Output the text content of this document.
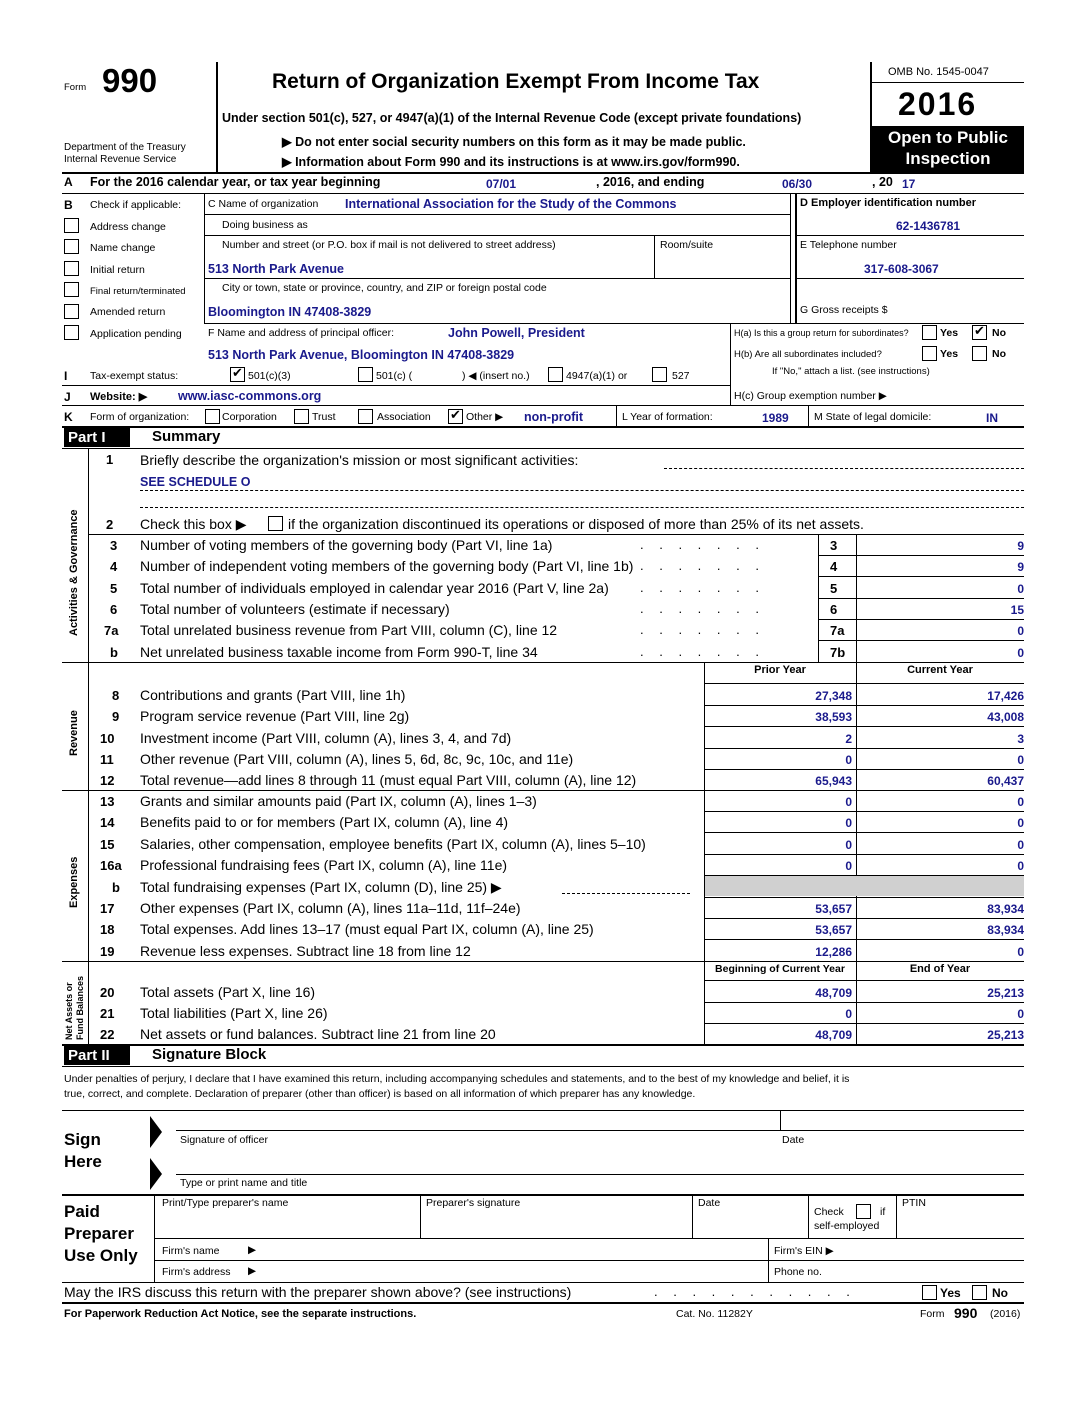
Form 990
Department of the Treasury
Internal Revenue Service
Return of Organization Exempt From Income Tax
Under section 501(c), 527, or 4947(a)(1) of the Internal Revenue Code (except private foundations)
▶ Do not enter social security numbers on this form as it may be made public.
▶ Information about Form 990 and its instructions is at www.irs.gov/form990.
OMB No. 1545-0047
2016
Open to Public
Inspection
A For the 2016 calendar year, or tax year beginning	07/01	, 2016, and ending	06/30	, 20 17
B Check if applicable:
Address change
Name change
Initial return
Final return/terminated
Amended return
Application pending
C Name of organization International Association for the Study of the Commons
Doing business as
Number and street (or P.O. box if mail is not delivered to street address)	Room/suite
513 North Park Avenue
City or town, state or province, country, and ZIP or foreign postal code
Bloomington IN 47408-3829
D Employer identification number
62-1436781
E Telephone number
317-608-3067
G Gross receipts $
F Name and address of principal officer:	John Powell, President
513 North Park Avenue, Bloomington IN 47408-3829
H(a) Is this a group return for subordinates?	Yes ✔	No
H(b) Are all subordinates included?	Yes	No
If "No," attach a list. (see instructions)
I Tax-exempt status: ✔	501(c)(3)	501(c) (	) ◀ (insert no.)	4947(a)(1) or	527
J Website: ▶ www.iasc-commons.org	H(c) Group exemption number ▶
K Form of organization:	Corporation	Trust	Association ✔	Other ▶ non-profit	L Year of formation:	1989 M State of legal domicile:	IN
Part I	Summary
Activities & Governance
Revenue
Expenses
Net Assets or Fund Balances
1 Briefly describe the organization's mission or most significant activities:
SEE SCHEDULE O
2 Check this box ▶	if the organization discontinued its operations or disposed of more than 25% of its net assets.
3 Number of voting members of the governing body (Part VI, line 1a)	. . . . . . .	3	9
4 Number of independent voting members of the governing body (Part VI, line 1b) . . . . . . .	4	9
5 Total number of individuals employed in calendar year 2016 (Part V, line 2a) . . . . . . .	5	0
6 Total number of volunteers (estimate if necessary)	. . . . . . .	6	15
7a Total unrelated business revenue from Part VIII, column (C), line 12	. . . . . . .	7a	0
b Net unrelated business taxable income from Form 990-T, line 34	. . . . . . .	7b	0
Prior Year	Current Year
8 Contributions and grants (Part VIII, line 1h)	27,348	17,426
9 Program service revenue (Part VIII, line 2g)	38,593	43,008
10 Investment income (Part VIII, column (A), lines 3, 4, and 7d)	2	3
11 Other revenue (Part VIII, column (A), lines 5, 6d, 8c, 9c, 10c, and 11e)	0	0
12 Total revenue—add lines 8 through 11 (must equal Part VIII, column (A), line 12)	65,943	60,437
13 Grants and similar amounts paid (Part IX, column (A), lines 1–3)	0	0
14 Benefits paid to or for members (Part IX, column (A), line 4)	0	0
15 Salaries, other compensation, employee benefits (Part IX, column (A), lines 5–10)	0	0
16a Professional fundraising fees (Part IX, column (A), line 11e)	0	0
b Total fundraising expenses (Part IX, column (D), line 25) ▶
17 Other expenses (Part IX, column (A), lines 11a–11d, 11f–24e)	53,657	83,934
18 Total expenses. Add lines 13–17 (must equal Part IX, column (A), line 25)	53,657	83,934
19 Revenue less expenses. Subtract line 18 from line 12	12,286	0
Beginning of Current Year	End of Year
20 Total assets (Part X, line 16)	48,709	25,213
21 Total liabilities (Part X, line 26)	0	0
22 Net assets or fund balances. Subtract line 21 from line 20	48,709	25,213
Part II	Signature Block
Under penalties of perjury, I declare that I have examined this return, including accompanying schedules and statements, and to the best of my knowledge and belief, it is
true, correct, and complete. Declaration of preparer (other than officer) is based on all information of which preparer has any knowledge.
Sign
Here
Signature of officer	Date
Type or print name and title
Paid
Preparer
Use Only
Print/Type preparer's name	Preparer's signature	Date
Check	if
self-employed
PTIN
Firm's name	▶	Firm's EIN ▶
Firm's address ▶	Phone no.
May the IRS discuss this return with the preparer shown above? (see instructions)	. . . . . . . . . . .	Yes	No
For Paperwork Reduction Act Notice, see the separate instructions.	Cat. No. 11282Y	Form 990 (2016)
